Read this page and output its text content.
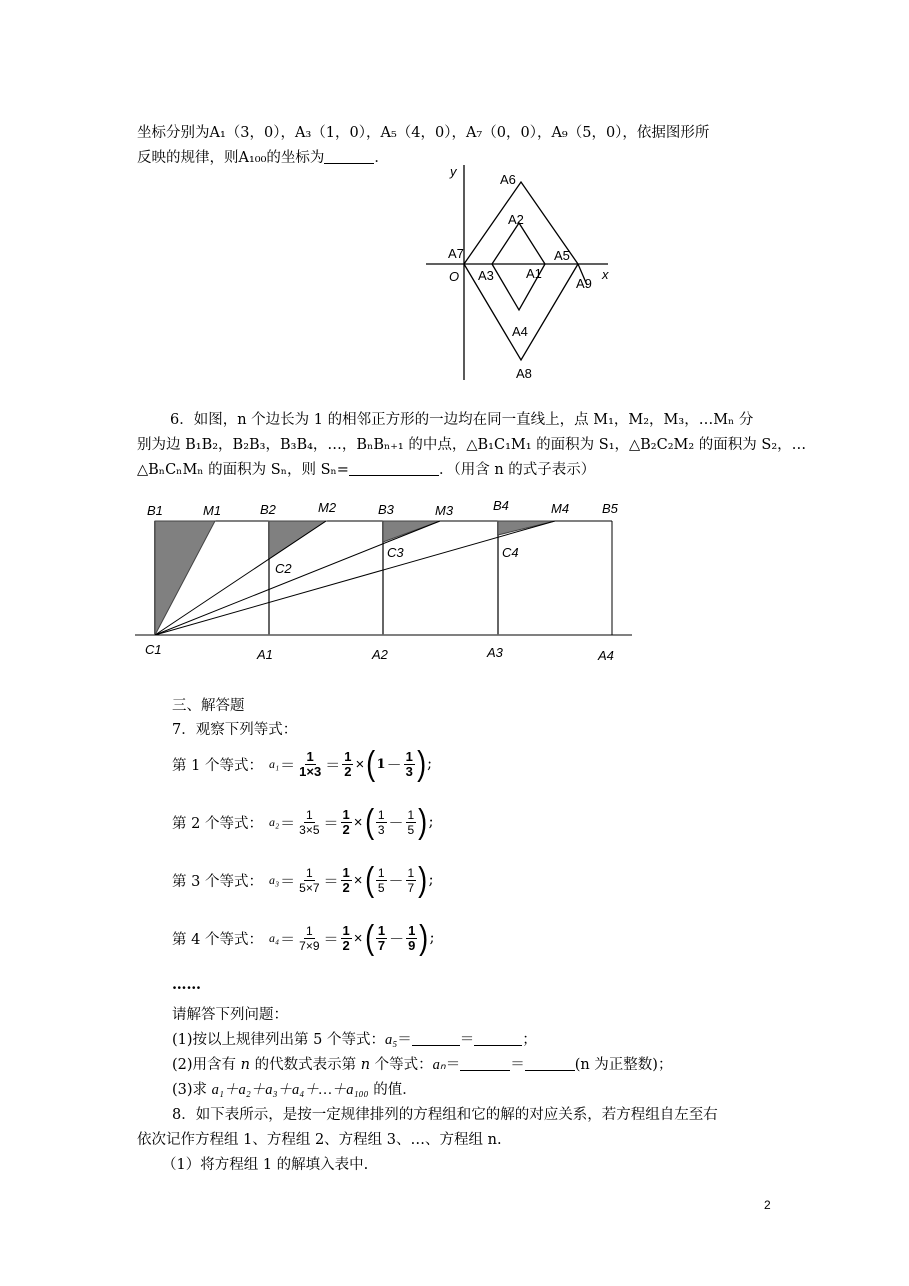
坐标分别为A₁（3，0），A₃（1，0），A₅（4，0），A₇（0，0），A₉（5，0），依据图形所
反映的规律，则A₁₀₀的坐标为	．
y
x
O
A6
A2
A7
A3 A1
A5
A9
A4
A8
6．如图，n 个边长为 1 的相邻正方形的一边均在同一直线上，点 M₁，M₂，M₃，…Mₙ 分
别为边 B₁B₂，B₂B₃，B₃B₄，…，BₙBₙ₊₁ 的中点，△B₁C₁M₁ 的面积为 S₁，△B₂C₂M₂ 的面积为 S₂，…
△BₙCₙMₙ 的面积为 Sₙ，则 Sₙ=	．（用含 n 的式子表示）
B1	M1	B2	M2	B3	M3	B4	M4	B5
C2
C3	C4
C1	A1	A2	A3	A4
三、解答题
7．观察下列等式：
第 1 个等式： $a_1 = \frac{1}{1\times 3} = \frac{1}{2}$ × ( $1 - \frac{1}{3}$ ) ;
第 2 个等式： $a_2 = \frac{1}{3\times 5} = \frac{1}{2}$ × ( $\frac{1}{3} - \frac{1}{5}$ ) ;
第 3 个等式： $a_3 = \frac{1}{5\times 7} = \frac{1}{2}$ × ( $\frac{1}{5} - \frac{1}{7}$ ) ;
第 4 个等式： $a_4 = \frac{1}{7\times 9} = \frac{1}{2}$ × ( $\frac{1}{7} - \frac{1}{9}$ ) ;
……
请解答下列问题：
(1)按以上规律列出第 5 个等式：a₅＝	＝	；
(2)用含有 n 的代数式表示第 n 个等式：aₙ＝	＝	(n 为正整数)；
(3)求 a₁＋a₂＋a₃＋a₄＋…＋a₁₀₀ 的值．
8．如下表所示，是按一定规律排列的方程组和它的解的对应关系，若方程组自左至右
依次记作方程组 1、方程组 2、方程组 3、…、方程组 n.
（1）将方程组 1 的解填入表中.
2
